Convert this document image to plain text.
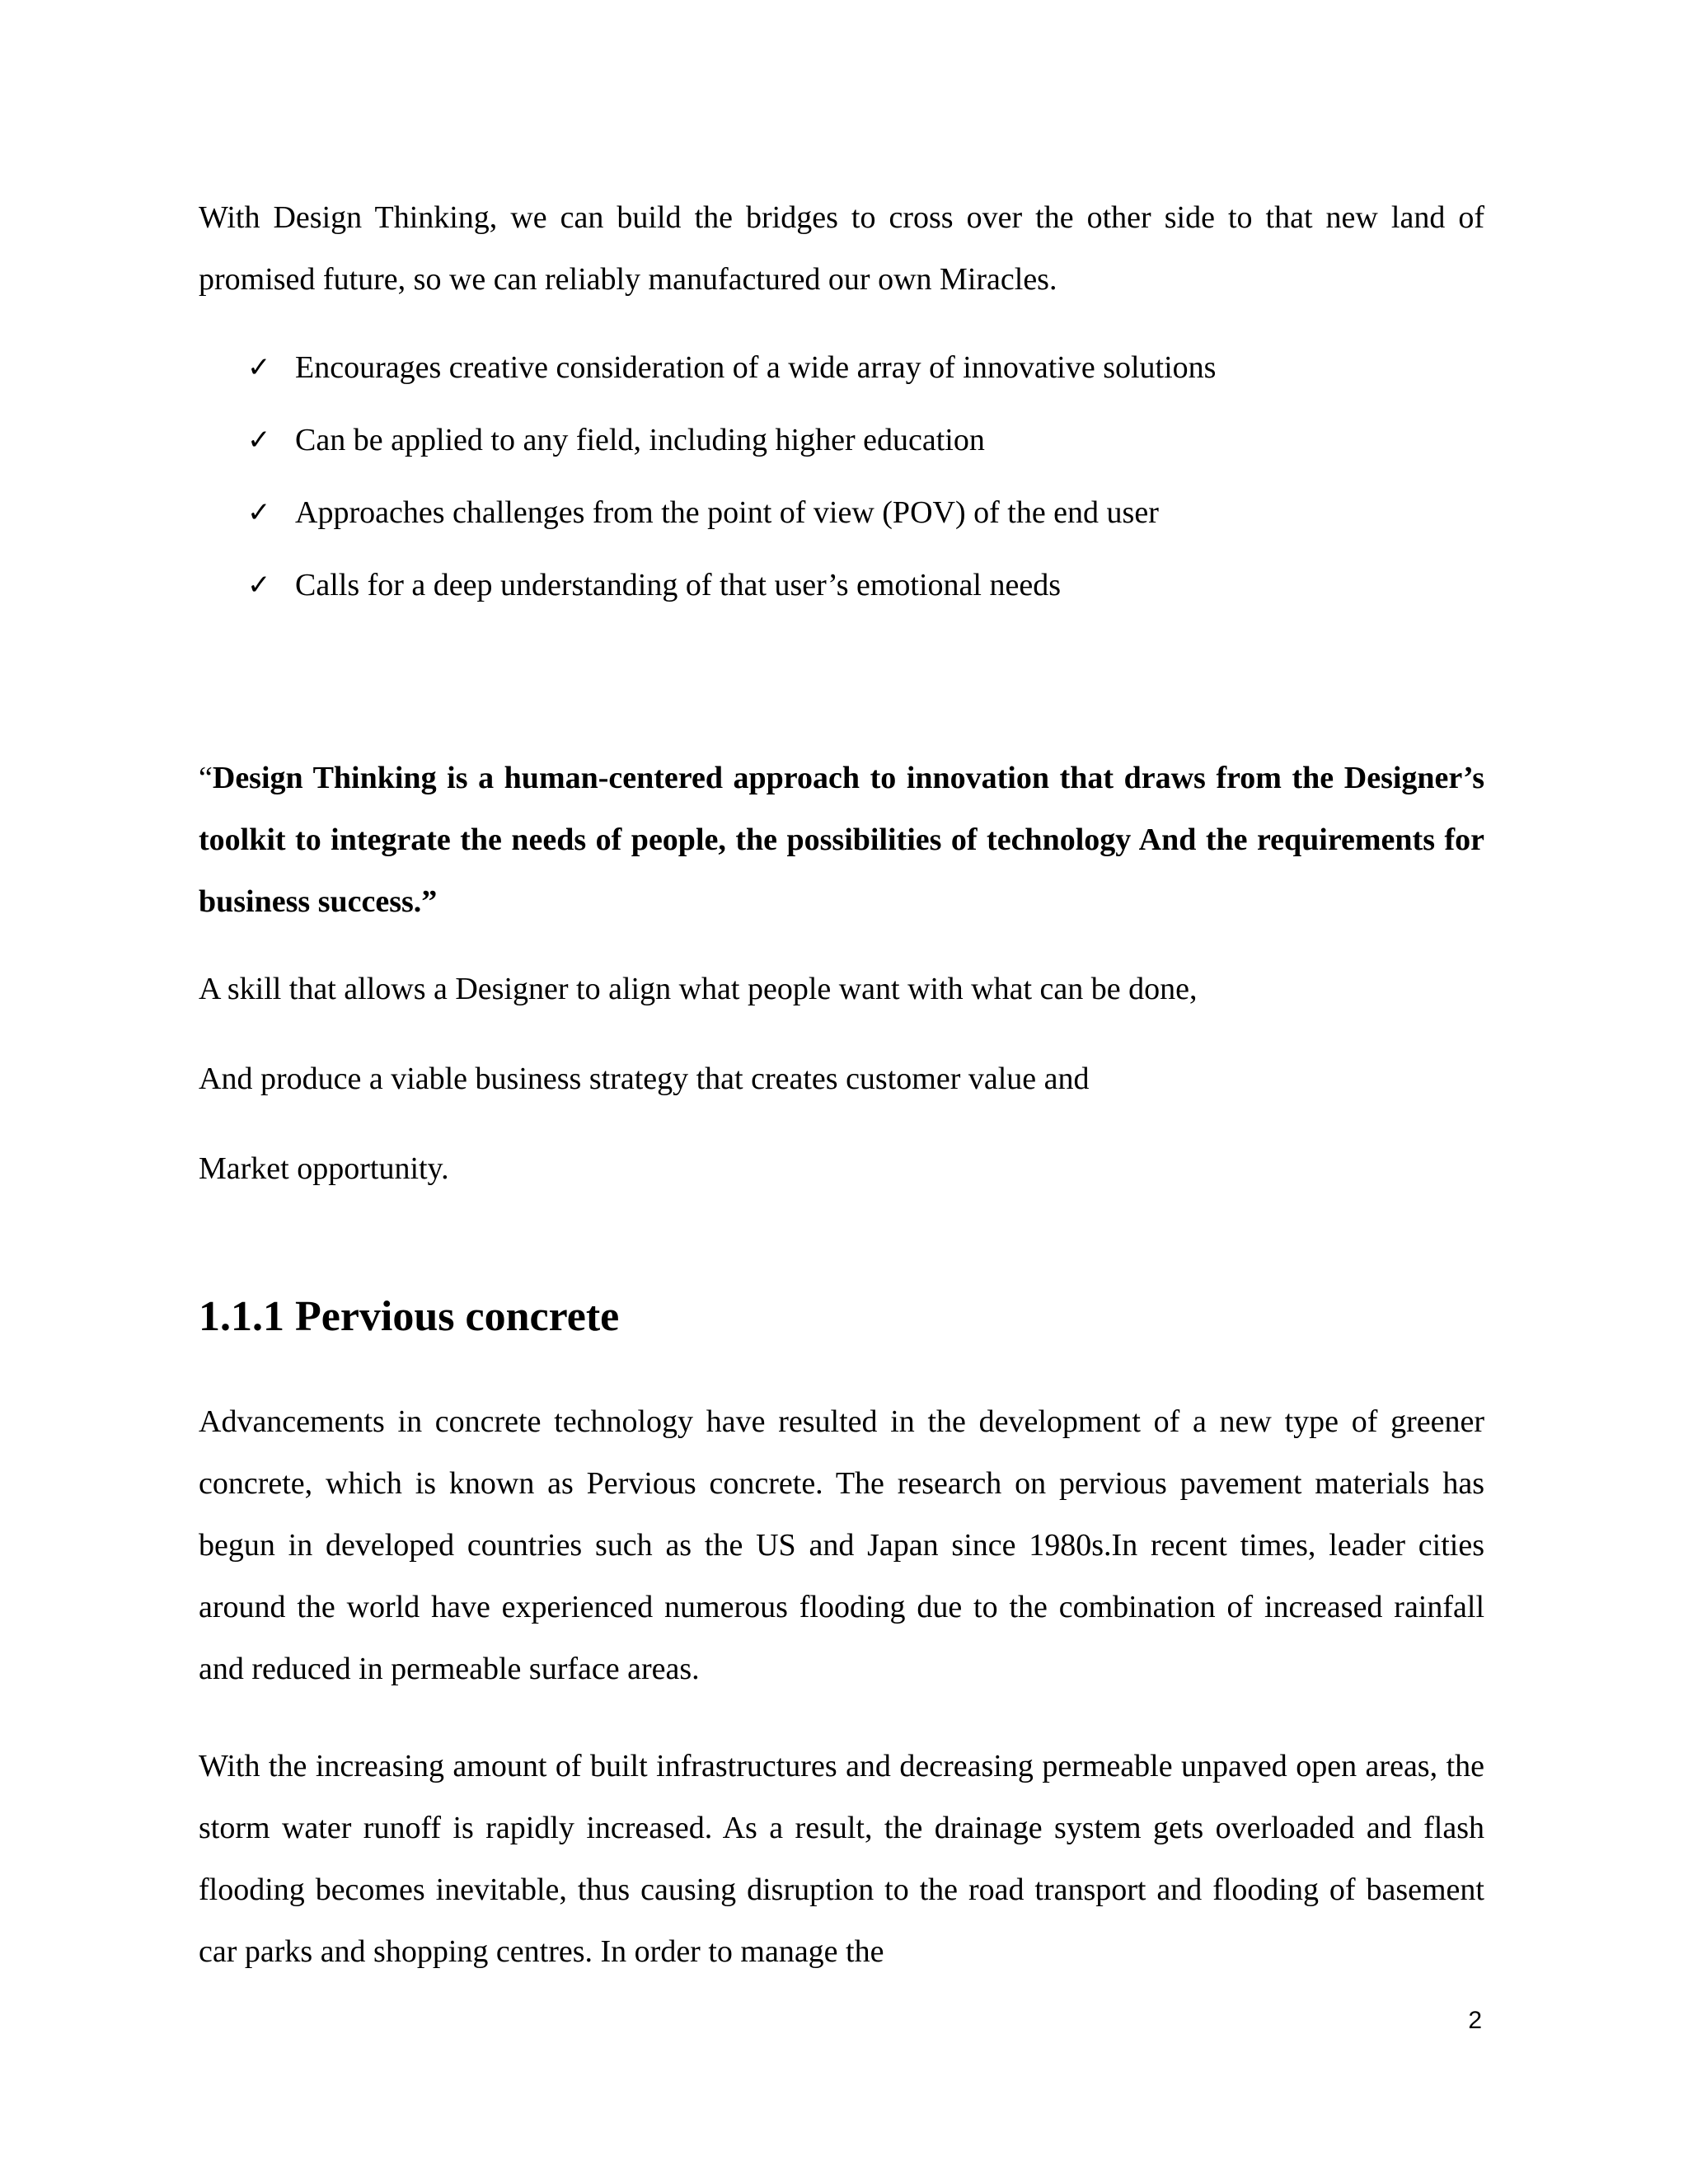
With Design Thinking, we can build the bridges to cross over the other side to that new land of promised future, so we can reliably manufactured our own Miracles.

✓ Encourages creative consideration of a wide array of innovative solutions
✓ Can be applied to any field, including higher education
✓ Approaches challenges from the point of view (POV) of the end user
✓ Calls for a deep understanding of that user’s emotional needs

“Design Thinking is a human-centered approach to innovation that draws from the Designer’s toolkit to integrate the needs of people, the possibilities of technology And the requirements for business success.”

A skill that allows a Designer to align what people want with what can be done,

And produce a viable business strategy that creates customer value and

Market opportunity.

1.1.1 Pervious concrete

Advancements in concrete technology have resulted in the development of a new type of greener concrete, which is known as Pervious concrete. The research on pervious pavement materials has begun in developed countries such as the US and Japan since 1980s.In recent times, leader cities around the world have experienced numerous flooding due to the combination of increased rainfall and reduced in permeable surface areas.

With the increasing amount of built infrastructures and decreasing permeable unpaved open areas, the storm water runoff is rapidly increased. As a result, the drainage system gets overloaded and flash flooding becomes inevitable, thus causing disruption to the road transport and flooding of basement car parks and shopping centres. In order to manage the

2
